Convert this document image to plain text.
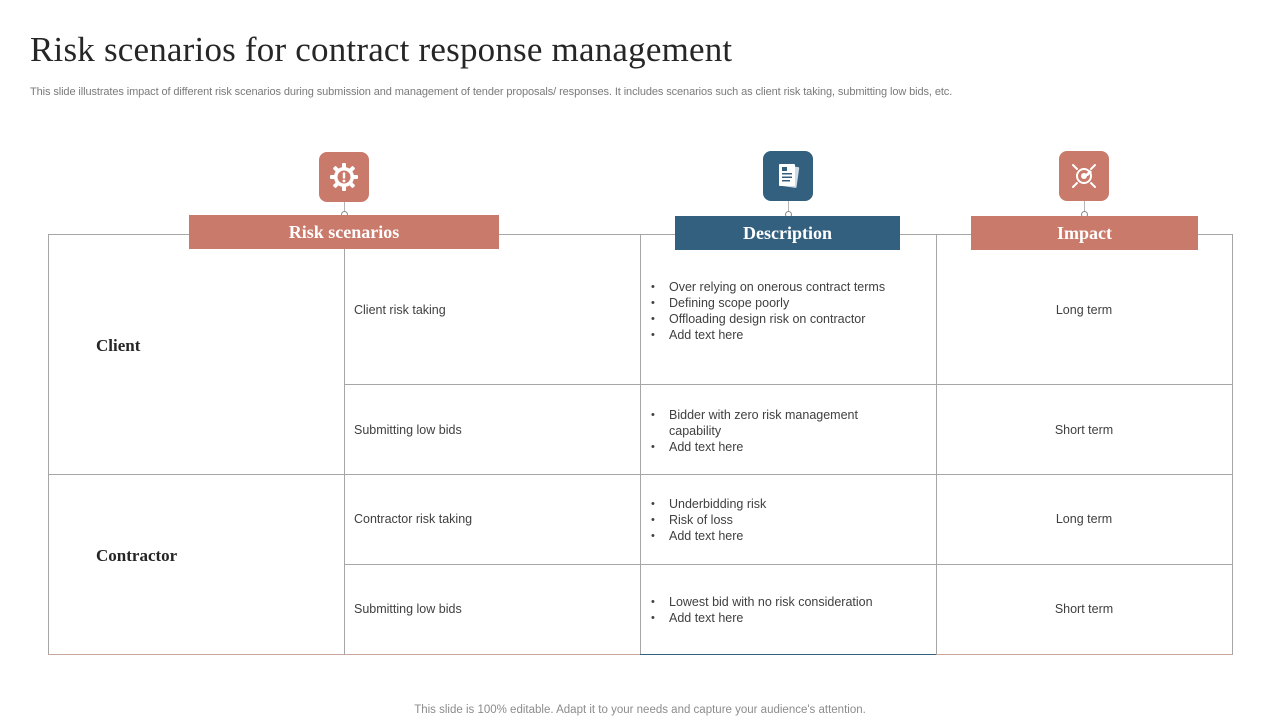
Risk scenarios for contract response management
This slide illustrates impact of different risk scenarios during submission and management of tender proposals/ responses. It includes scenarios such as client risk taking, submitting low bids, etc.
Risk scenarios	Description	Impact
Client
Contractor
Client risk taking
• Over relying on onerous contract terms
• Defining scope poorly
• Offloading design risk on contractor
• Add text here
Long term
Submitting low bids
• Bidder with zero risk management capability
• Add text here
Short term
Contractor risk taking
• Underbidding risk
• Risk of loss
• Add text here
Long term
Submitting low bids
•	Lowest bid with no risk consideration
• Add text here
Short term
This slide is 100% editable. Adapt it to your needs and capture your audience's attention.
